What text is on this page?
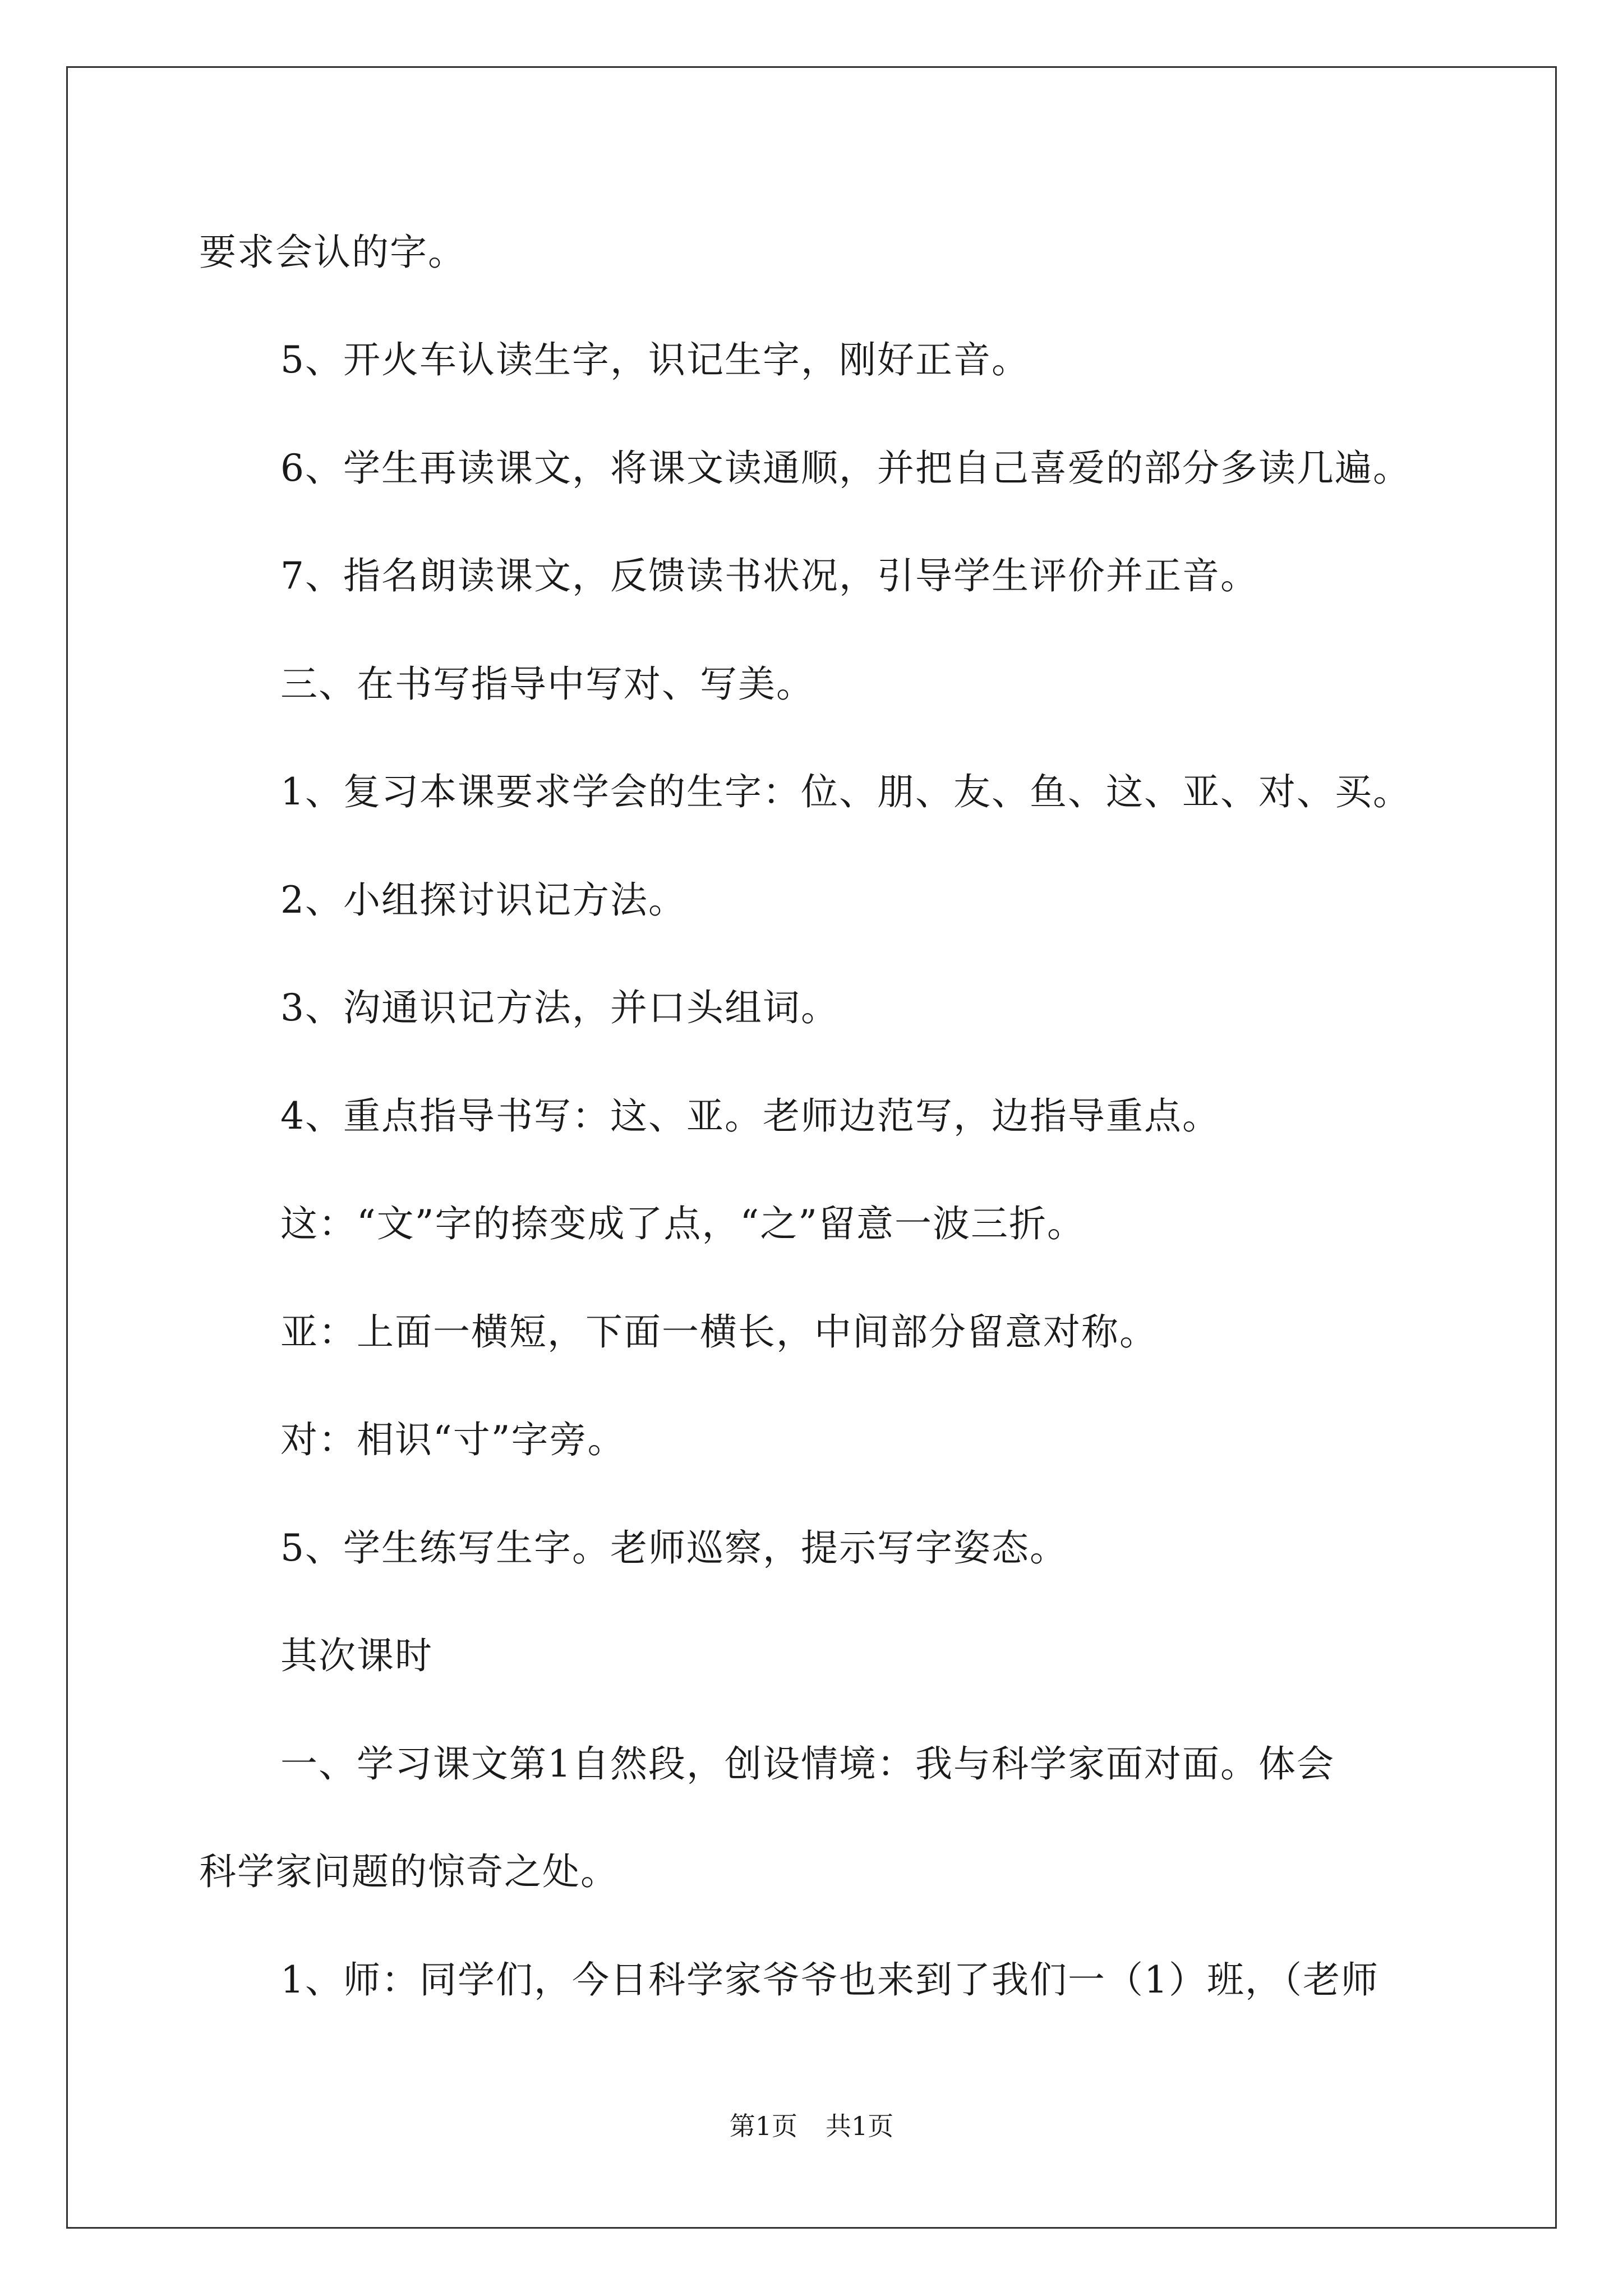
要求会认的字。
5、开火车认读生字，识记生字，刚好正音。
6、学生再读课文，将课文读通顺，并把自己喜爱的部分多读几遍。
7、指名朗读课文，反馈读书状况，引导学生评价并正音。
三、在书写指导中写对、写美。
1、复习本课要求学会的生字：位、朋、友、鱼、这、亚、对、买。
2、小组探讨识记方法。
3、沟通识记方法，并口头组词。
4、重点指导书写：这、亚。老师边范写，边指导重点。
这：“文”字的捺变成了点，“之”留意一波三折。
亚：上面一横短，下面一横长，中间部分留意对称。
对：相识“寸”字旁。
5、学生练写生字。老师巡察，提示写字姿态。
其次课时
一、学习课文第1自然段，创设情境：我与科学家面对面。体会
科学家问题的惊奇之处。
1、师：同学们，今日科学家爷爷也来到了我们一（1）班，（老师
第1页 共1页
